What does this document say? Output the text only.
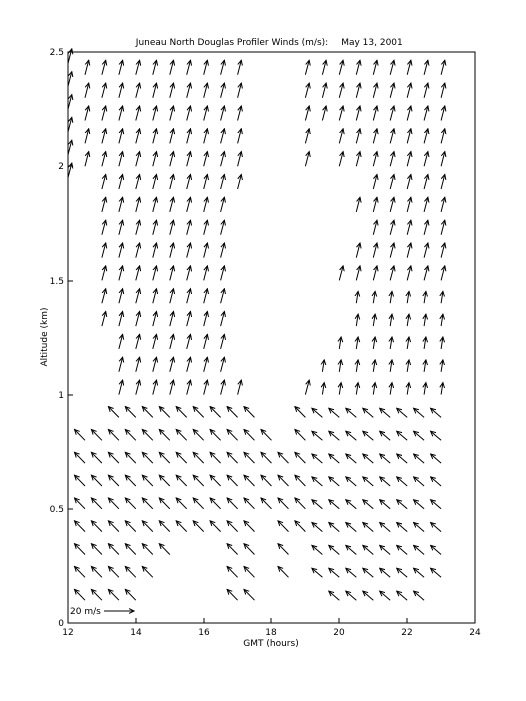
Juneau North Douglas Profiler Winds (m/s): May 13, 2001
12	14	16	18	20	22	24
0
0.5
1
1.5
2
2.5
GMT (hours)
Altitude (km)
20 m/s
